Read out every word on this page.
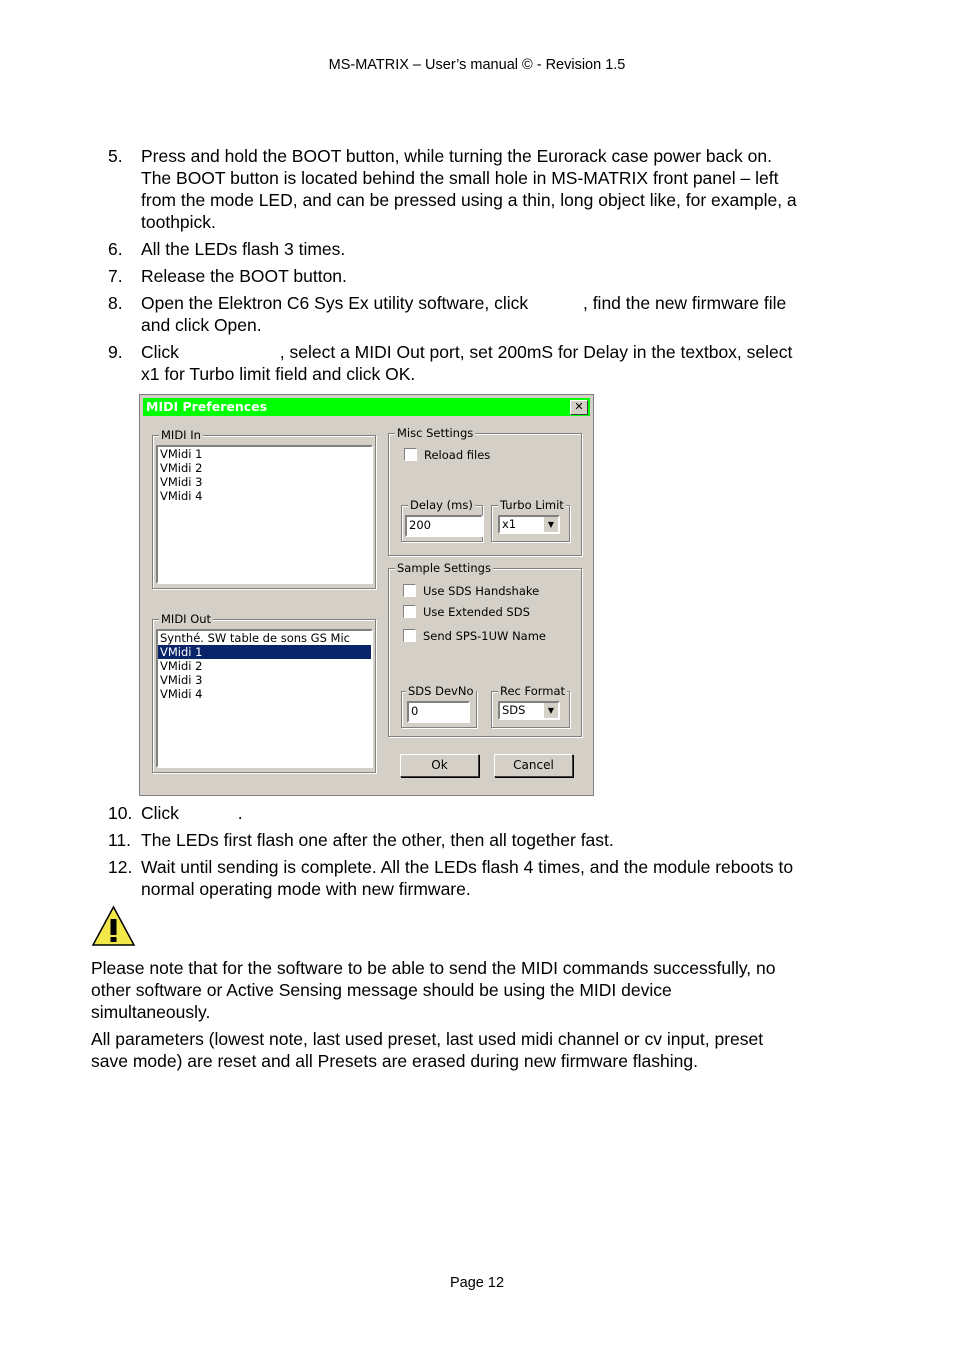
MS-MATRIX – User’s manual © - Revision 1.5
5. Press and hold the BOOT button, while turning the Eurorack case power back on.
The BOOT button is located behind the small hole in MS-MATRIX front panel – left
from the mode LED, and can be pressed using a thin, long object like, for example, a
toothpick.
6. All the LEDs flash 3 times.
7. Release the BOOT button.
8. Open the Elektron C6 Sys Ex utility software, click	, find the new firmware file
and click Open.
9. Click	, select a MIDI Out port, set 200mS for Delay in the textbox, select
x1 for Turbo limit field and click OK.
MIDI Preferences	✕
MIDI In
VMidi 1
VMidi 2
VMidi 3
VMidi 4
MIDI Out
Synthé. SW table de sons GS Mic
VMidi 1
VMidi 2
VMidi 3
VMidi 4
Misc Settings
Reload files
Delay (ms)
200
Turbo Limit
x1	▼
Sample Settings
Use SDS Handshake
Use Extended SDS
Send SPS-1UW Name
SDS DevNo
0
Rec Format
SDS	▼
Ok	Cancel
10. Click	.
11. The LEDs first flash one after the other, then all together fast.
12. Wait until sending is complete. All the LEDs flash 4 times, and the module reboots to
normal operating mode with new firmware.
Please note that for the software to be able to send the MIDI commands successfully, no
other software or Active Sensing message should be using the MIDI device
simultaneously.
All parameters (lowest note, last used preset, last used midi channel or cv input, preset
save mode) are reset and all Presets are erased during new firmware flashing.
Page 12
